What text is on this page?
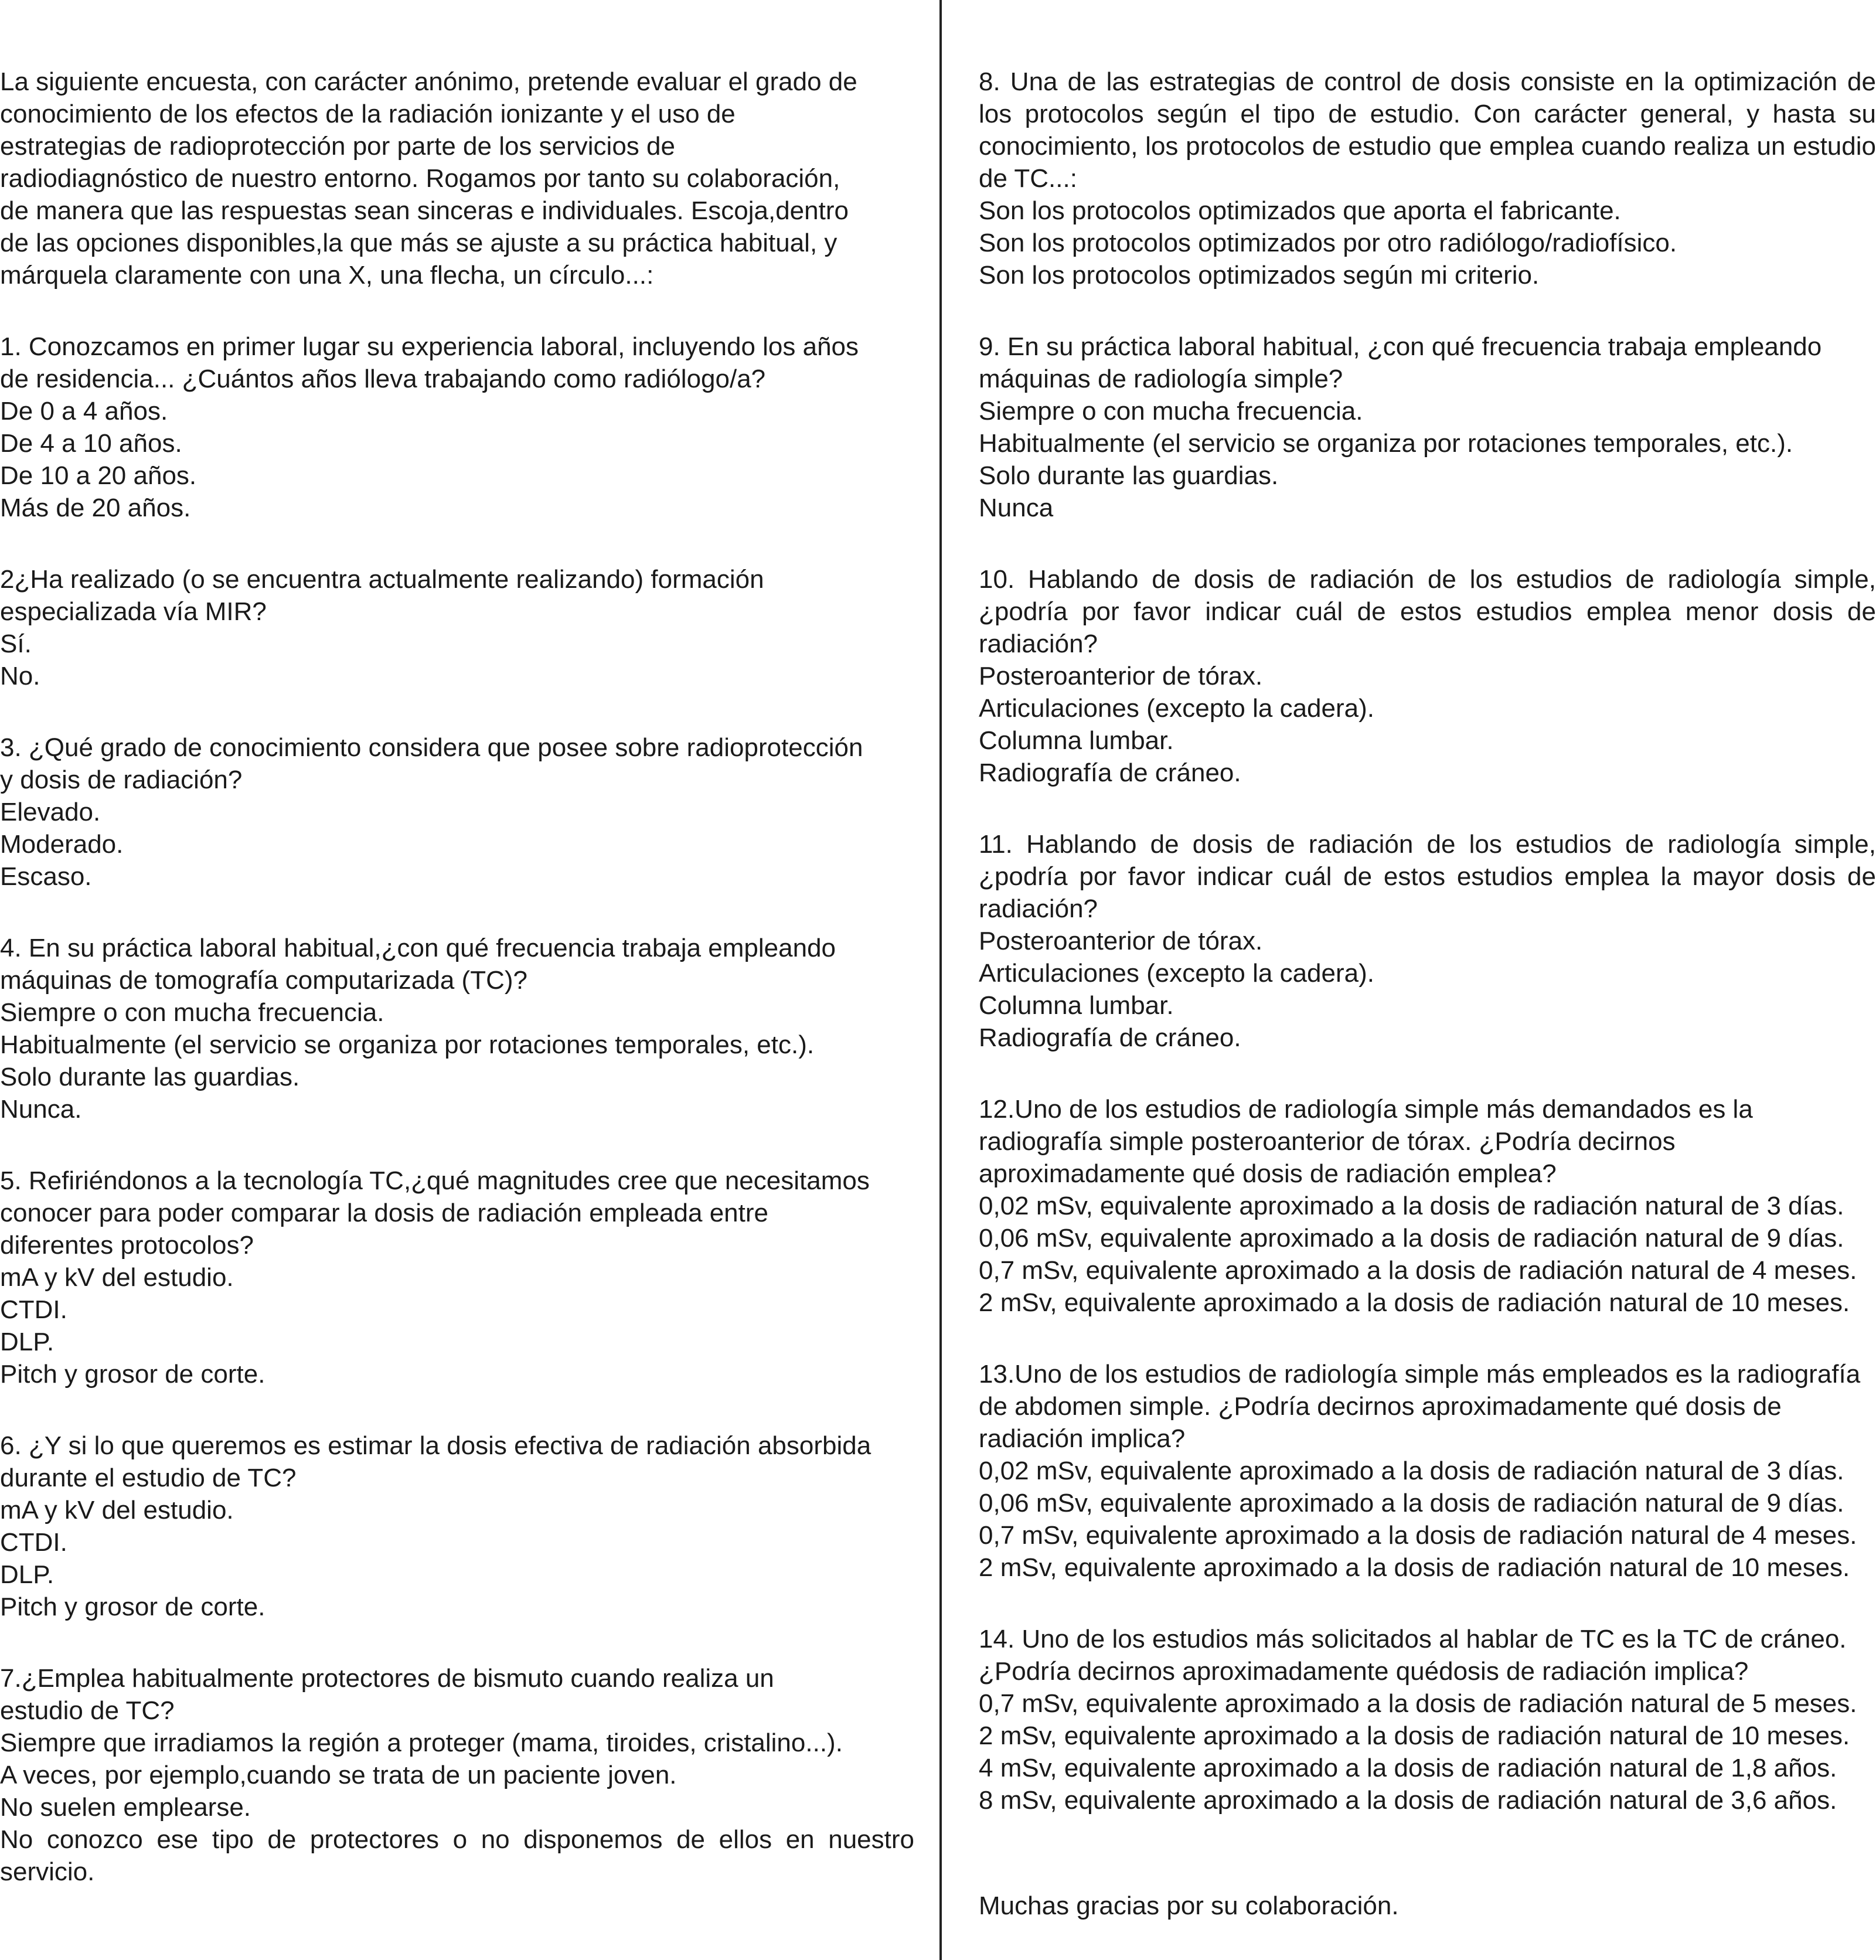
La siguiente encuesta, con carácter anónimo, pretende evaluar el grado de
conocimiento de los efectos de la radiación ionizante y el uso de
estrategias de radioprotección por parte de los servicios de
radiodiagnóstico de nuestro entorno. Rogamos por tanto su colaboración,
de manera que las respuestas sean sinceras e individuales. Escoja,dentro
de las opciones disponibles,la que más se ajuste a su práctica habitual, y
márquela claramente con una X, una flecha, un círculo...:
1. Conozcamos en primer lugar su experiencia laboral, incluyendo los años
de residencia... ¿Cuántos años lleva trabajando como radiólogo/a?
De 0 a 4 años.
De 4 a 10 años.
De 10 a 20 años.
Más de 20 años.
2¿Ha realizado (o se encuentra actualmente realizando) formación
especializada vía MIR?
Sí.
No.
3. ¿Qué grado de conocimiento considera que posee sobre radioprotección
y dosis de radiación?
Elevado.
Moderado.
Escaso.
4. En su práctica laboral habitual,¿con qué frecuencia trabaja empleando
máquinas de tomografía computarizada (TC)?
Siempre o con mucha frecuencia.
Habitualmente (el servicio se organiza por rotaciones temporales, etc.).
Solo durante las guardias.
Nunca.
5. Refiriéndonos a la tecnología TC,¿qué magnitudes cree que necesitamos
conocer para poder comparar la dosis de radiación empleada entre
diferentes protocolos?
mA y kV del estudio.
CTDI.
DLP.
Pitch y grosor de corte.
6. ¿Y si lo que queremos es estimar la dosis efectiva de radiación absorbida
durante el estudio de TC?
mA y kV del estudio.
CTDI.
DLP.
Pitch y grosor de corte.
7.¿Emplea habitualmente protectores de bismuto cuando realiza un
estudio de TC?
Siempre que irradiamos la región a proteger (mama, tiroides, cristalino...).
A veces, por ejemplo,cuando se trata de un paciente joven.
No suelen emplearse.
No conozco ese tipo de protectores o no disponemos de ellos en nuestro servicio.
8. Una de las estrategias de control de dosis consiste en la optimización de los protocolos según el tipo de estudio. Con carácter general, y hasta su conocimiento, los protocolos de estudio que emplea cuando realiza un estudio de TC...:
Son los protocolos optimizados que aporta el fabricante.
Son los protocolos optimizados por otro radiólogo/radiofísico.
Son los protocolos optimizados según mi criterio.
9. En su práctica laboral habitual, ¿con qué frecuencia trabaja empleando máquinas de radiología simple?
Siempre o con mucha frecuencia.
Habitualmente (el servicio se organiza por rotaciones temporales, etc.).
Solo durante las guardias.
Nunca
10. Hablando de dosis de radiación de los estudios de radiología simple, ¿podría por favor indicar cuál de estos estudios emplea menor dosis de radiación?
Posteroanterior de tórax.
Articulaciones (excepto la cadera).
Columna lumbar.
Radiografía de cráneo.
11. Hablando de dosis de radiación de los estudios de radiología simple, ¿podría por favor indicar cuál de estos estudios emplea la mayor dosis de radiación?
Posteroanterior de tórax.
Articulaciones (excepto la cadera).
Columna lumbar.
Radiografía de cráneo.
12.Uno de los estudios de radiología simple más demandados es la radiografía simple posteroanterior de tórax. ¿Podría decirnos aproximadamente qué dosis de radiación emplea?
0,02 mSv, equivalente aproximado a la dosis de radiación natural de 3 días.
0,06 mSv, equivalente aproximado a la dosis de radiación natural de 9 días.
0,7 mSv, equivalente aproximado a la dosis de radiación natural de 4 meses.
2 mSv, equivalente aproximado a la dosis de radiación natural de 10 meses.
13.Uno de los estudios de radiología simple más empleados es la radiografía de abdomen simple. ¿Podría decirnos aproximadamente qué dosis de radiación implica?
0,02 mSv, equivalente aproximado a la dosis de radiación natural de 3 días.
0,06 mSv, equivalente aproximado a la dosis de radiación natural de 9 días.
0,7 mSv, equivalente aproximado a la dosis de radiación natural de 4 meses.
2 mSv, equivalente aproximado a la dosis de radiación natural de 10 meses.
14. Uno de los estudios más solicitados al hablar de TC es la TC de cráneo. ¿Podría decirnos aproximadamente quédosis de radiación implica?
0,7 mSv, equivalente aproximado a la dosis de radiación natural de 5 meses.
2 mSv, equivalente aproximado a la dosis de radiación natural de 10 meses.
4 mSv, equivalente aproximado a la dosis de radiación natural de 1,8 años.
8 mSv, equivalente aproximado a la dosis de radiación natural de 3,6 años.
Muchas gracias por su colaboración.
